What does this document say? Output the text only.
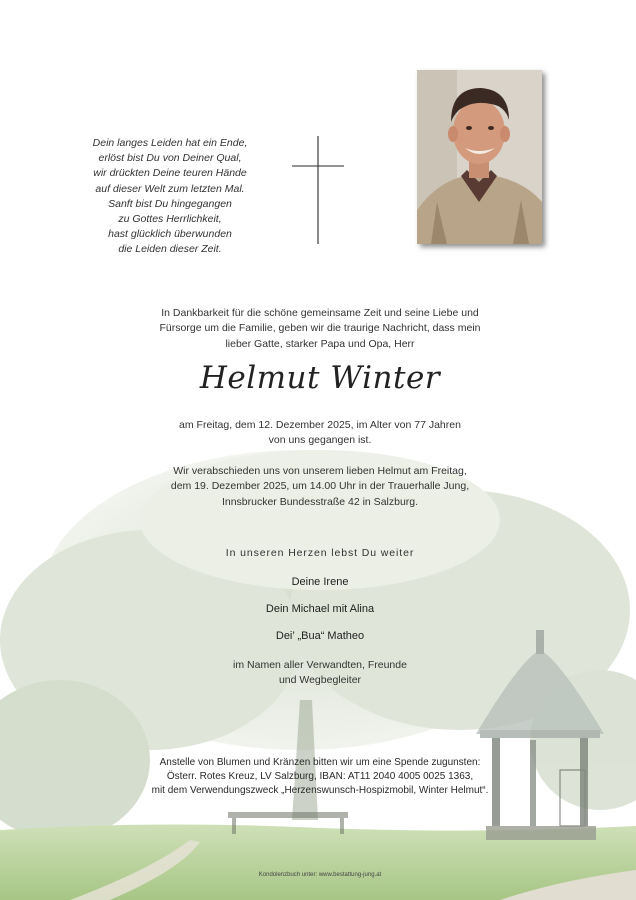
Dein langes Leiden hat ein Ende,
erlöst bist Du von Deiner Qual,
wir drückten Deine teuren Hände
auf dieser Welt zum letzten Mal.
Sanft bist Du hingegangen
zu Gottes Herrlichkeit,
hast glücklich überwunden
die Leiden dieser Zeit.
In Dankbarkeit für die schöne gemeinsame Zeit und seine Liebe und
Fürsorge um die Familie, geben wir die traurige Nachricht, dass mein
lieber Gatte, starker Papa und Opa, Herr
Helmut Winter
am Freitag, dem 12. Dezember 2025, im Alter von 77 Jahren
von uns gegangen ist.
Wir verabschieden uns von unserem lieben Helmut am Freitag,
dem 19. Dezember 2025, um 14.00 Uhr in der Trauerhalle Jung,
Innsbrucker Bundesstraße 42 in Salzburg.
In unseren Herzen lebst Du weiter
Deine Irene
Dein Michael mit Alina
Dei’ „Bua“ Matheo
im Namen aller Verwandten, Freunde
und Wegbegleiter
Anstelle von Blumen und Kränzen bitten wir um eine Spende zugunsten:
Österr. Rotes Kreuz, LV Salzburg, IBAN: AT11 2040 4005 0025 1363,
mit dem Verwendungszweck „Herzenswunsch-Hospizmobil, Winter Helmut“.
Kondolenzbuch unter: www.bestattung-jung.at
